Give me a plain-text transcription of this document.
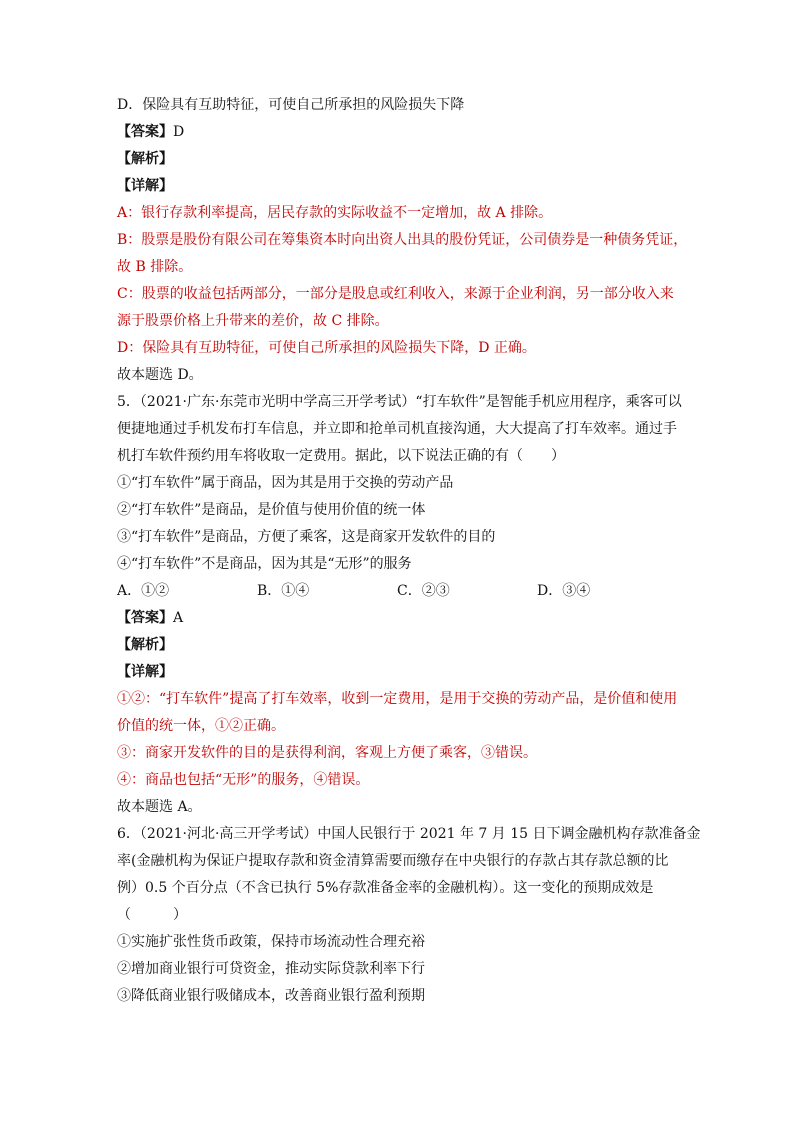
D．保险具有互助特征，可使自己所承担的风险损失下降
【答案】D
【解析】
【详解】
A：银行存款利率提高，居民存款的实际收益不一定增加，故 A 排除。
B：股票是股份有限公司在筹集资本时向出资人出具的股份凭证，公司债券是一种债务凭证，
故 B 排除。
C：股票的收益包括两部分，一部分是股息或红利收入，来源于企业利润，另一部分收入来
源于股票价格上升带来的差价，故 C 排除。
D：保险具有互助特征，可使自己所承担的风险损失下降，D 正确。
故本题选 D。
5．（2021·广东·东莞市光明中学高三开学考试）“打车软件”是智能手机应用程序，乘客可以
便捷地通过手机发布打车信息，并立即和抢单司机直接沟通，大大提高了打车效率。通过手
机打车软件预约用车将收取一定费用。据此，以下说法正确的有（　　）
①“打车软件”属于商品，因为其是用于交换的劳动产品
②“打车软件”是商品，是价值与使用价值的统一体
③“打车软件”是商品，方便了乘客，这是商家开发软件的目的
④“打车软件”不是商品，因为其是“无形”的服务
A．①②	B．①④	C．②③	D．③④
【答案】A
【解析】
【详解】
①②：“打车软件”提高了打车效率，收到一定费用，是用于交换的劳动产品，是价值和使用
价值的统一体，①②正确。
③：商家开发软件的目的是获得利润，客观上方便了乘客，③错误。
④：商品也包括“无形”的服务，④错误。
故本题选 A。
6．（2021·河北·高三开学考试）中国人民银行于 2021 年 7 月 15 日下调金融机构存款准备金
率(金融机构为保证户提取存款和资金清算需要而缴存在中央银行的存款占其存款总额的比
例）0.5 个百分点（不含已执行 5%存款准备金率的金融机构）。这一变化的预期成效是
（　　　）
①实施扩张性货币政策，保持市场流动性合理充裕
②增加商业银行可贷资金，推动实际贷款利率下行
③降低商业银行吸储成本，改善商业银行盈利预期
